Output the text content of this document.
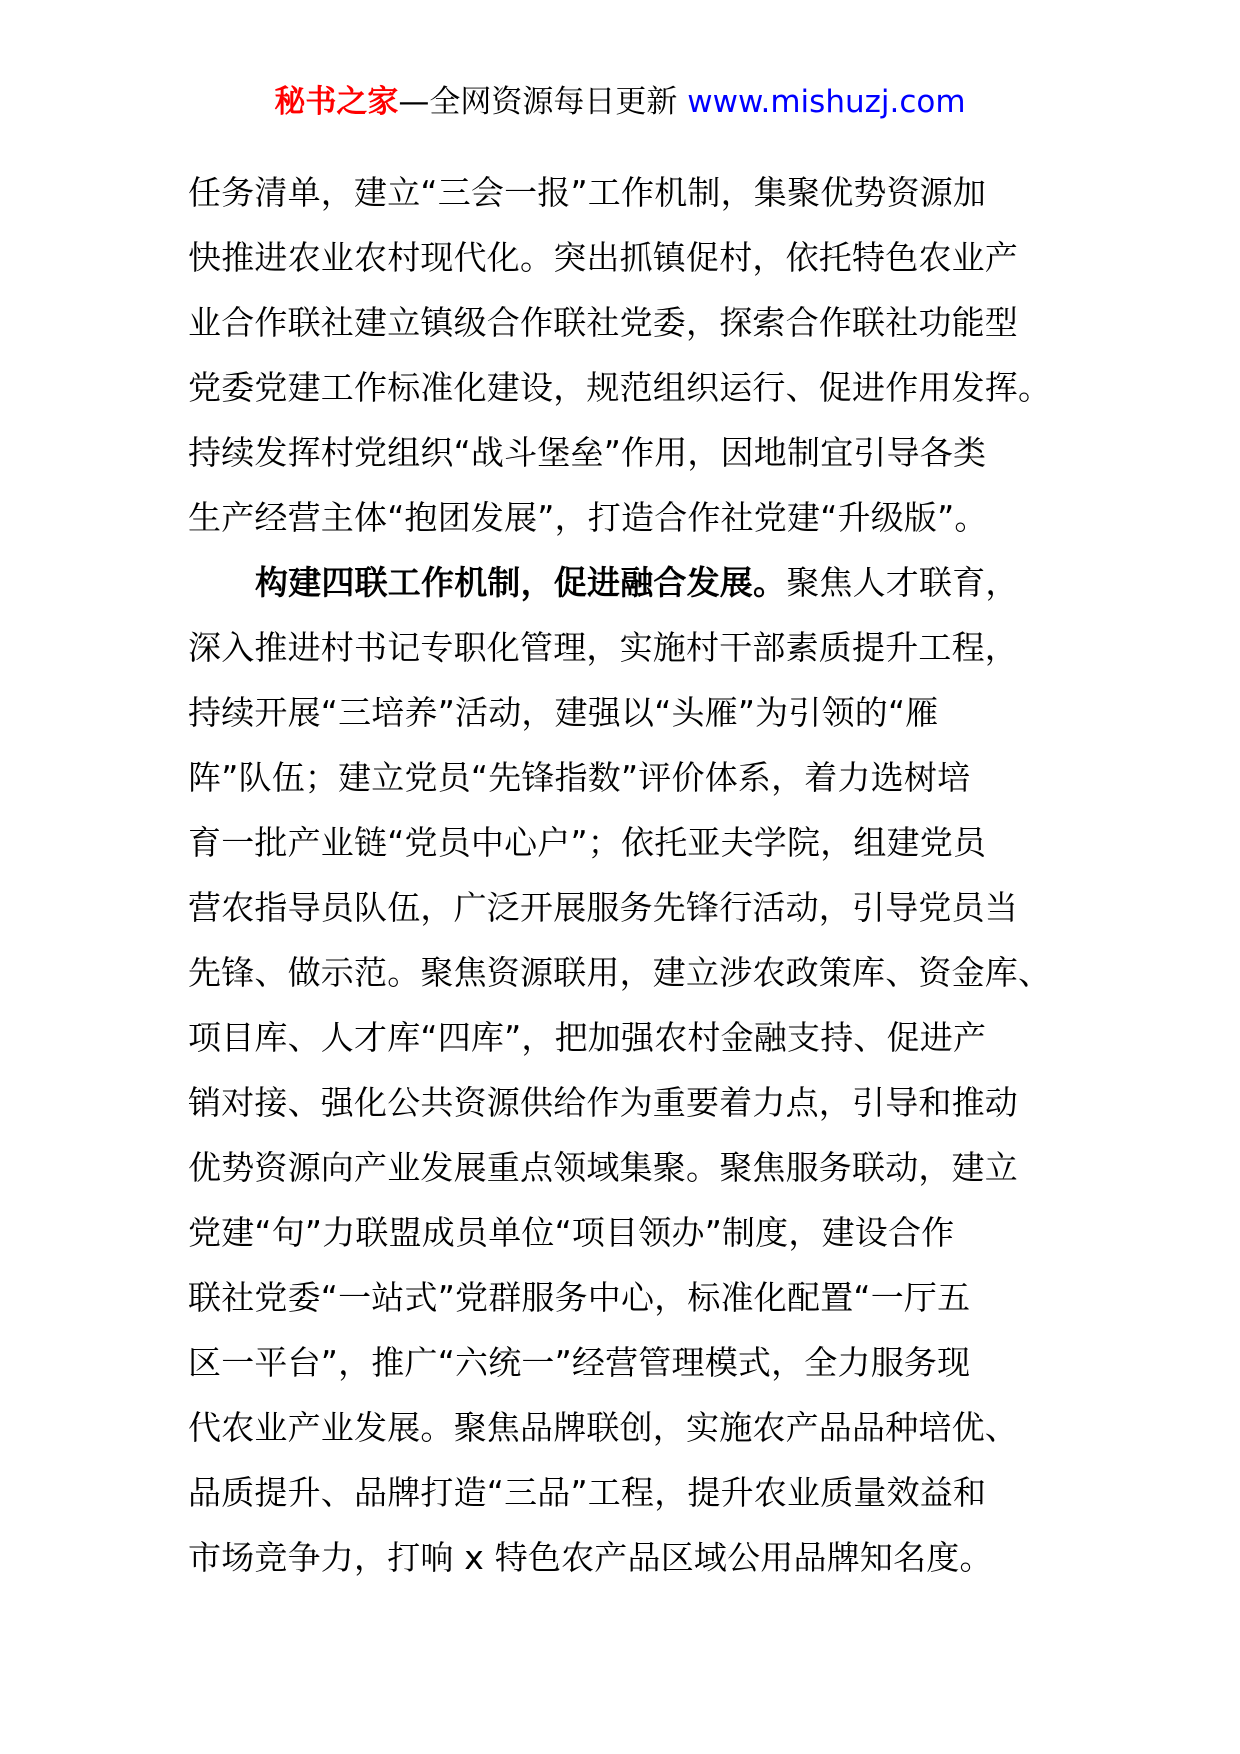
秘书之家—全网资源每日更新 www.mishuzj.com
任务清单，建立“三会一报”工作机制，集聚优势资源加
快推进农业农村现代化。突出抓镇促村，依托特色农业产
业合作联社建立镇级合作联社党委，探索合作联社功能型
党委党建工作标准化建设，规范组织运行、促进作用发挥。
持续发挥村党组织“战斗堡垒”作用，因地制宜引导各类
生产经营主体“抱团发展”，打造合作社党建“升级版”。
构建四联工作机制，促进融合发展。聚焦人才联育，
深入推进村书记专职化管理，实施村干部素质提升工程，
持续开展“三培养”活动，建强以“头雁”为引领的“雁
阵”队伍；建立党员“先锋指数”评价体系，着力选树培
育一批产业链“党员中心户”；依托亚夫学院，组建党员
营农指导员队伍，广泛开展服务先锋行活动，引导党员当
先锋、做示范。聚焦资源联用，建立涉农政策库、资金库、
项目库、人才库“四库”，把加强农村金融支持、促进产
销对接、强化公共资源供给作为重要着力点，引导和推动
优势资源向产业发展重点领域集聚。聚焦服务联动，建立
党建“句”力联盟成员单位“项目领办”制度，建设合作
联社党委“一站式”党群服务中心，标准化配置“一厅五
区一平台”，推广“六统一”经营管理模式，全力服务现
代农业产业发展。聚焦品牌联创，实施农产品品种培优、
品质提升、品牌打造“三品”工程，提升农业质量效益和
市场竞争力，打响 x 特色农产品区域公用品牌知名度。
